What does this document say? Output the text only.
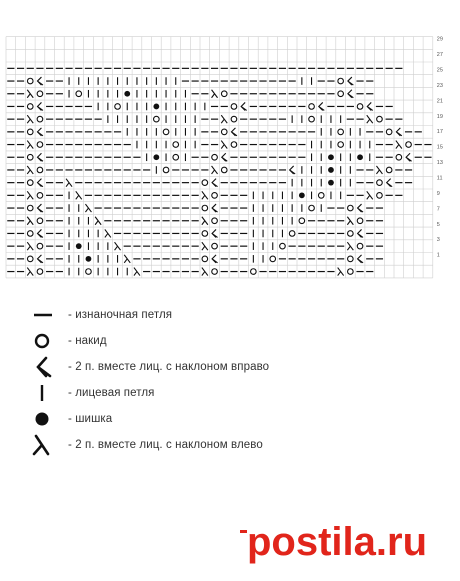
29
27
25
23
21
19
17
15
13
11
9
7
5
3
1
- изнаночная петля
- накид
- 2 п. вместе лиц. с наклоном вправо
- лицевая петля
- шишка
- 2 п. вместе лиц. с наклоном влево
postila.ru
